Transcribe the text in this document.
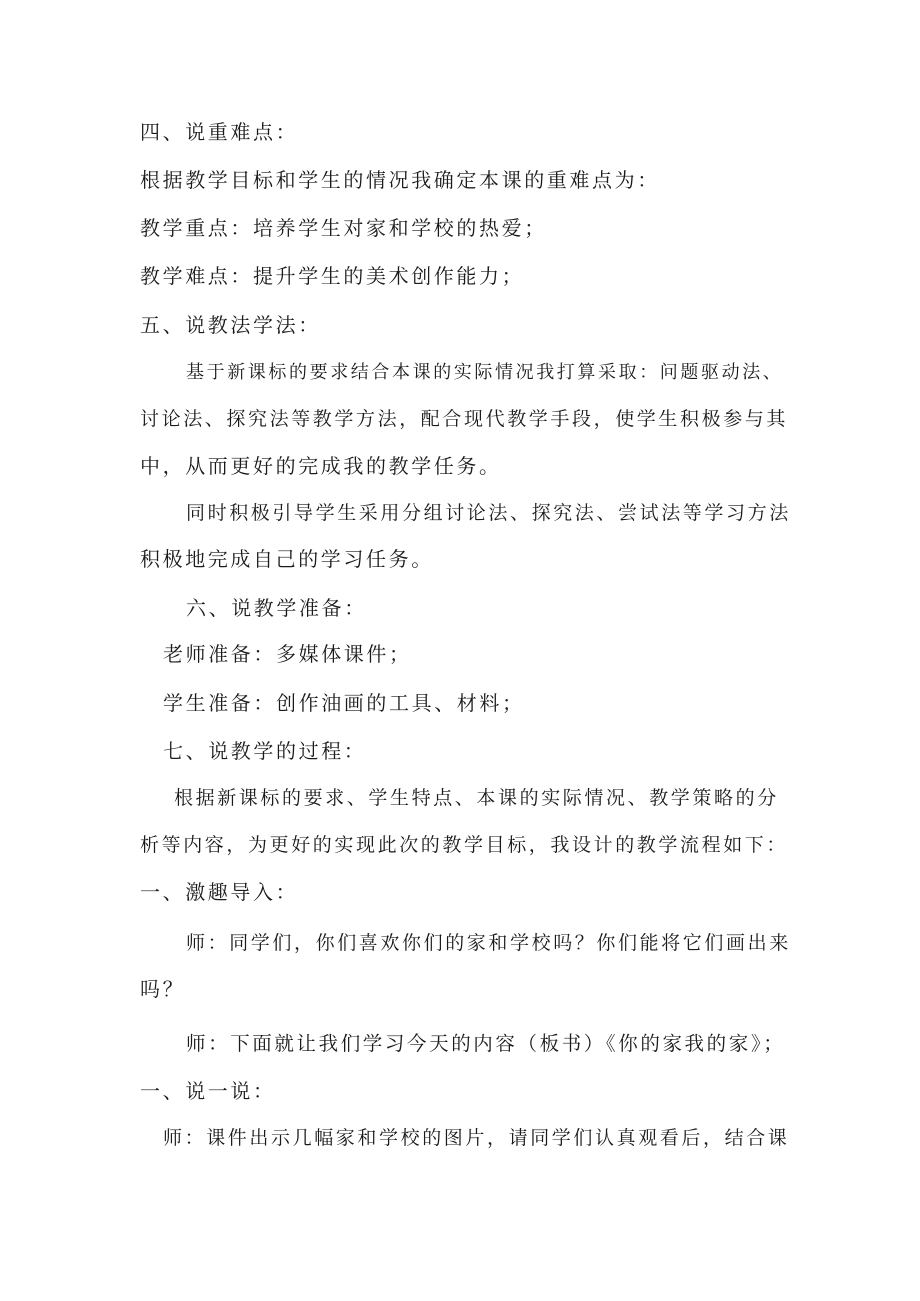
四、说重难点：
根据教学目标和学生的情况我确定本课的重难点为：
教学重点：培养学生对家和学校的热爱；
教学难点：提升学生的美术创作能力；
五、说教法学法：
基于新课标的要求结合本课的实际情况我打算采取：问题驱动法、
讨论法、探究法等教学方法，配合现代教学手段，使学生积极参与其
中，从而更好的完成我的教学任务。
同时积极引导学生采用分组讨论法、探究法、尝试法等学习方法
积极地完成自己的学习任务。
六、说教学准备：
老师准备：多媒体课件；
学生准备：创作油画的工具、材料；
七、说教学的过程：
根据新课标的要求、学生特点、本课的实际情况、教学策略的分
析等内容，为更好的实现此次的教学目标，我设计的教学流程如下：
一、激趣导入：
师：同学们，你们喜欢你们的家和学校吗？你们能将它们画出来
吗？
师：下面就让我们学习今天的内容（板书）《你的家我的家》；
一、说一说：
师：课件出示几幅家和学校的图片，请同学们认真观看后，结合课
